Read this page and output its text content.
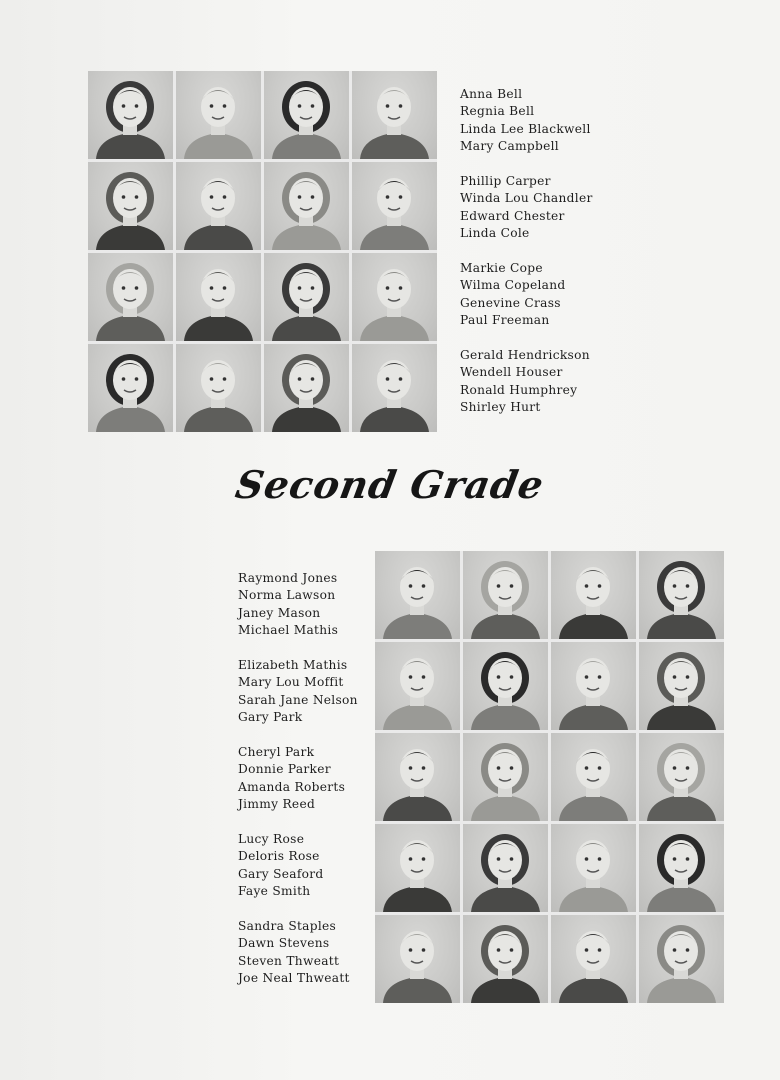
Anna Bell
Regnia Bell
Linda Lee Blackwell
Mary Campbell
Phillip Carper
Winda Lou Chandler
Edward Chester
Linda Cole
Markie Cope
Wilma Copeland
Genevine Crass
Paul Freeman
Gerald Hendrickson
Wendell Houser
Ronald Humphrey
Shirley Hurt
Second Grade
Raymond Jones
Norma Lawson
Janey Mason
Michael Mathis
Elizabeth Mathis
Mary Lou Moffit
Sarah Jane Nelson
Gary Park
Cheryl Park
Donnie Parker
Amanda Roberts
Jimmy Reed
Lucy Rose
Deloris Rose
Gary Seaford
Faye Smith
Sandra Staples
Dawn Stevens
Steven Thweatt
Joe Neal Thweatt
